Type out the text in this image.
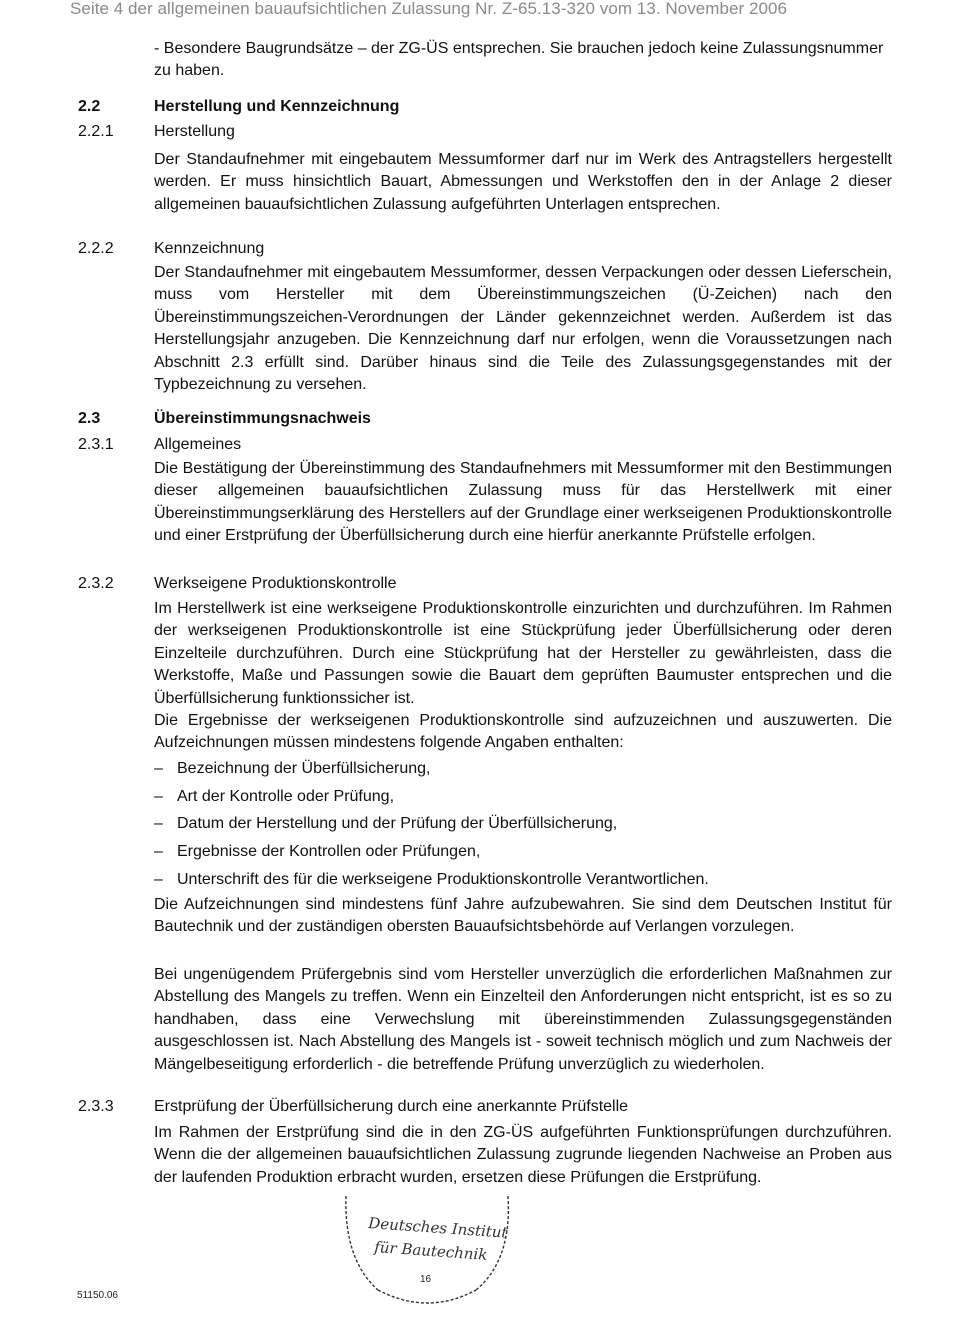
Seite 4 der allgemeinen bauaufsichtlichen Zulassung Nr. Z-65.13-320 vom 13. November 2006
- Besondere Baugrundsätze – der ZG-ÜS entsprechen. Sie brauchen jedoch keine Zulassungsnummer zu haben.
2.2	Herstellung und Kennzeichnung
2.2.1	Herstellung
Der Standaufnehmer mit eingebautem Messumformer darf nur im Werk des Antragstellers hergestellt werden. Er muss hinsichtlich Bauart, Abmessungen und Werkstoffen den in der Anlage 2 dieser allgemeinen bauaufsichtlichen Zulassung aufgeführten Unterlagen entsprechen.
2.2.2	Kennzeichnung
Der Standaufnehmer mit eingebautem Messumformer, dessen Verpackungen oder dessen Lieferschein, muss vom Hersteller mit dem Übereinstimmungszeichen (Ü-Zeichen) nach den Übereinstimmungszeichen-Verordnungen der Länder gekennzeichnet werden. Außerdem ist das Herstellungsjahr anzugeben. Die Kennzeichnung darf nur erfolgen, wenn die Voraussetzungen nach Abschnitt 2.3 erfüllt sind. Darüber hinaus sind die Teile des Zulassungsgegenstandes mit der Typbezeichnung zu versehen.
2.3	Übereinstimmungsnachweis
2.3.1	Allgemeines
Die Bestätigung der Übereinstimmung des Standaufnehmers mit Messumformer mit den Bestimmungen dieser allgemeinen bauaufsichtlichen Zulassung muss für das Herstellwerk mit einer Übereinstimmungserklärung des Herstellers auf der Grundlage einer werkseigenen Produktionskontrolle und einer Erstprüfung der Überfüllsicherung durch eine hierfür anerkannte Prüfstelle erfolgen.
2.3.2	Werkseigene Produktionskontrolle
Im Herstellwerk ist eine werkseigene Produktionskontrolle einzurichten und durchzuführen. Im Rahmen der werkseigenen Produktionskontrolle ist eine Stückprüfung jeder Überfüllsicherung oder deren Einzelteile durchzuführen. Durch eine Stückprüfung hat der Hersteller zu gewährleisten, dass die Werkstoffe, Maße und Passungen sowie die Bauart dem geprüften Baumuster entsprechen und die Überfüllsicherung funktionssicher ist.
Die Ergebnisse der werkseigenen Produktionskontrolle sind aufzuzeichnen und auszuwerten. Die Aufzeichnungen müssen mindestens folgende Angaben enthalten:
– Bezeichnung der Überfüllsicherung,
– Art der Kontrolle oder Prüfung,
– Datum der Herstellung und der Prüfung der Überfüllsicherung,
– Ergebnisse der Kontrollen oder Prüfungen,
– Unterschrift des für die werkseigene Produktionskontrolle Verantwortlichen.
Die Aufzeichnungen sind mindestens fünf Jahre aufzubewahren. Sie sind dem Deutschen Institut für Bautechnik und der zuständigen obersten Bauaufsichtsbehörde auf Verlangen vorzulegen.
Bei ungenügendem Prüfergebnis sind vom Hersteller unverzüglich die erforderlichen Maßnahmen zur Abstellung des Mangels zu treffen. Wenn ein Einzelteil den Anforderungen nicht entspricht, ist es so zu handhaben, dass eine Verwechslung mit übereinstimmenden Zulassungsgegenständen ausgeschlossen ist. Nach Abstellung des Mangels ist - soweit technisch möglich und zum Nachweis der Mängelbeseitigung erforderlich - die betreffende Prüfung unverzüglich zu wiederholen.
2.3.3	Erstprüfung der Überfüllsicherung durch eine anerkannte Prüfstelle
Im Rahmen der Erstprüfung sind die in den ZG-ÜS aufgeführten Funktionsprüfungen durchzuführen. Wenn die der allgemeinen bauaufsichtlichen Zulassung zugrunde liegenden Nachweise an Proben aus der laufenden Produktion erbracht wurden, ersetzen diese Prüfungen die Erstprüfung.
Deutsches Institut
für Bautechnik
16
51150.06
